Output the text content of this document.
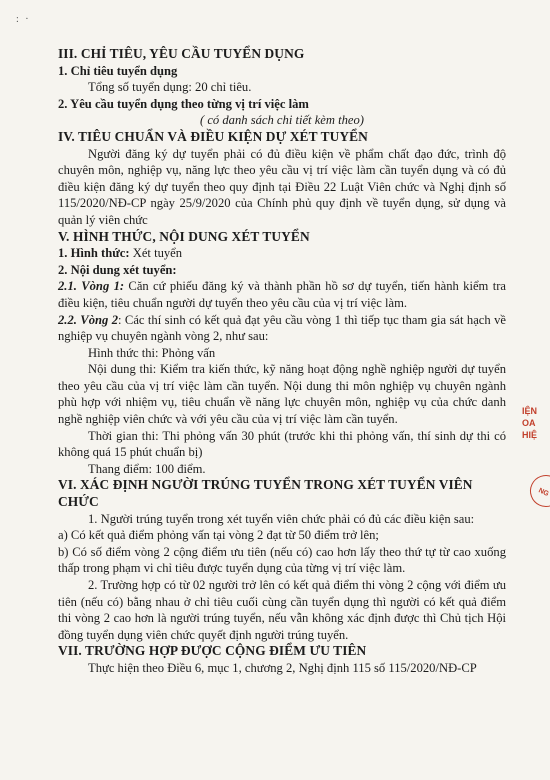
: ·
IỆN
OA
HIỆ
NG

III. CHỈ TIÊU, YÊU CẦU TUYỂN DỤNG

1. Chỉ tiêu tuyển dụng

Tổng số tuyển dụng: 20 chỉ tiêu.

2. Yêu cầu tuyển dụng theo từng vị trí việc làm

( có danh sách chi tiết kèm theo)

IV. TIÊU CHUẨN VÀ ĐIỀU KIỆN DỰ XÉT TUYỂN

Người đăng ký dự tuyển phải có đủ điều kiện về phẩm chất đạo đức, trình độ chuyên môn, nghiệp vụ, năng lực theo yêu cầu vị trí việc làm cần tuyển dụng và có đủ điều kiện đăng ký dự tuyển theo quy định tại Điều 22 Luật Viên chức và Nghị định số 115/2020/NĐ-CP ngày 25/9/2020 của Chính phủ quy định về tuyển dụng, sử dụng và quản lý viên chức

V. HÌNH THỨC, NỘI DUNG XÉT TUYỂN

1. Hình thức: Xét tuyển

2. Nội dung xét tuyển:

2.1. Vòng 1: Căn cứ phiếu đăng ký và thành phần hồ sơ dự tuyển, tiến hành kiểm tra điều kiện, tiêu chuẩn người dự tuyển theo yêu cầu của vị trí việc làm.

2.2. Vòng 2: Các thí sinh có kết quả đạt yêu cầu vòng 1 thì tiếp tục tham gia sát hạch về nghiệp vụ chuyên ngành vòng 2, như sau:

Hình thức thi: Phỏng vấn

Nội dung thi: Kiểm tra kiến thức, kỹ năng hoạt động nghề nghiệp người dự tuyển theo yêu cầu của vị trí việc làm cần tuyển. Nội dung thi môn nghiệp vụ chuyên ngành phù hợp với nhiệm vụ, tiêu chuẩn về năng lực chuyên môn, nghiệp vụ của chức danh nghề nghiệp viên chức và với yêu cầu của vị trí việc làm cần tuyển.

Thời gian thi: Thi phỏng vấn 30 phút (trước khi thi phỏng vấn, thí sinh dự thi có không quá 15 phút chuẩn bị)

Thang điểm: 100 điểm.

VI. XÁC ĐỊNH NGƯỜI TRÚNG TUYỂN TRONG XÉT TUYỂN VIÊN CHỨC

1. Người trúng tuyển trong xét tuyển viên chức phải có đủ các điều kiện sau:

a) Có kết quả điểm phỏng vấn tại vòng 2 đạt từ 50 điểm trở lên;

b) Có số điểm vòng 2 cộng điểm ưu tiên (nếu có) cao hơn lấy theo thứ tự từ cao xuống thấp trong phạm vi chỉ tiêu được tuyển dụng của từng vị trí việc làm.

2. Trường hợp có từ 02 người trở lên có kết quả điểm thi vòng 2 cộng với điểm ưu tiên (nếu có) bằng nhau ở chỉ tiêu cuối cùng cần tuyển dụng thì người có kết quả điểm thi vòng 2 cao hơn là người trúng tuyển, nếu vẫn không xác định được thì Chủ tịch Hội đồng tuyển dụng viên chức quyết định người trúng tuyển.

VII. TRƯỜNG HỢP ĐƯỢC CỘNG ĐIỂM ƯU TIÊN

Thực hiện theo Điều 6, mục 1, chương 2, Nghị định 115 số 115/2020/NĐ-CP
